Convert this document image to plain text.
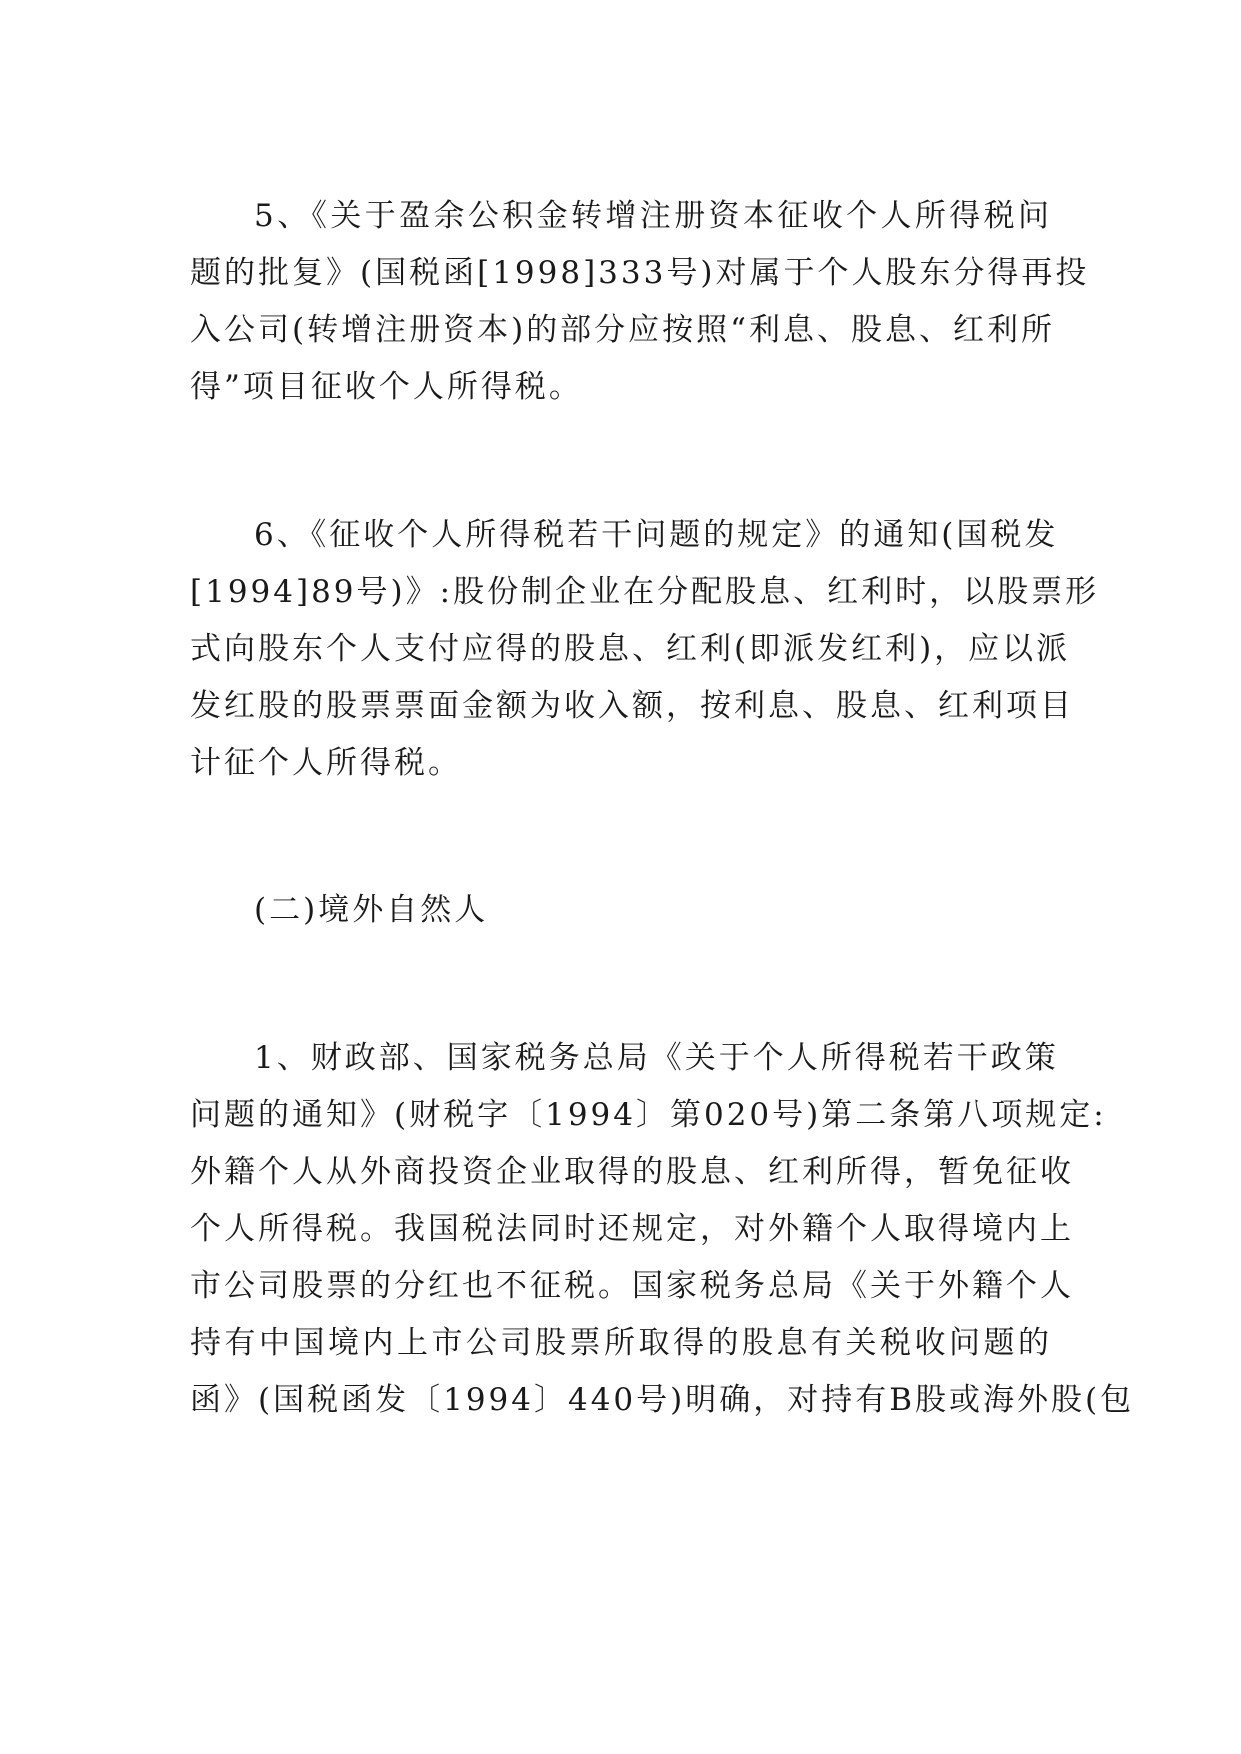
5、《关于盈余公积金转增注册资本征收个人所得税问
题的批复》(国税函[1998]333号)对属于个人股东分得再投
入公司(转增注册资本)的部分应按照“利息、股息、红利所
得”项目征收个人所得税。
6、《征收个人所得税若干问题的规定》的通知(国税发
[1994]89号)》:股份制企业在分配股息、红利时，以股票形
式向股东个人支付应得的股息、红利(即派发红利)，应以派
发红股的股票票面金额为收入额，按利息、股息、红利项目
计征个人所得税。
(二)境外自然人
1、财政部、国家税务总局《关于个人所得税若干政策
问题的通知》(财税字〔1994〕第020号)第二条第八项规定:
外籍个人从外商投资企业取得的股息、红利所得，暂免征收
个人所得税。我国税法同时还规定，对外籍个人取得境内上
市公司股票的分红也不征税。国家税务总局《关于外籍个人
持有中国境内上市公司股票所取得的股息有关税收问题的
函》(国税函发〔1994〕440号)明确，对持有B股或海外股(包
